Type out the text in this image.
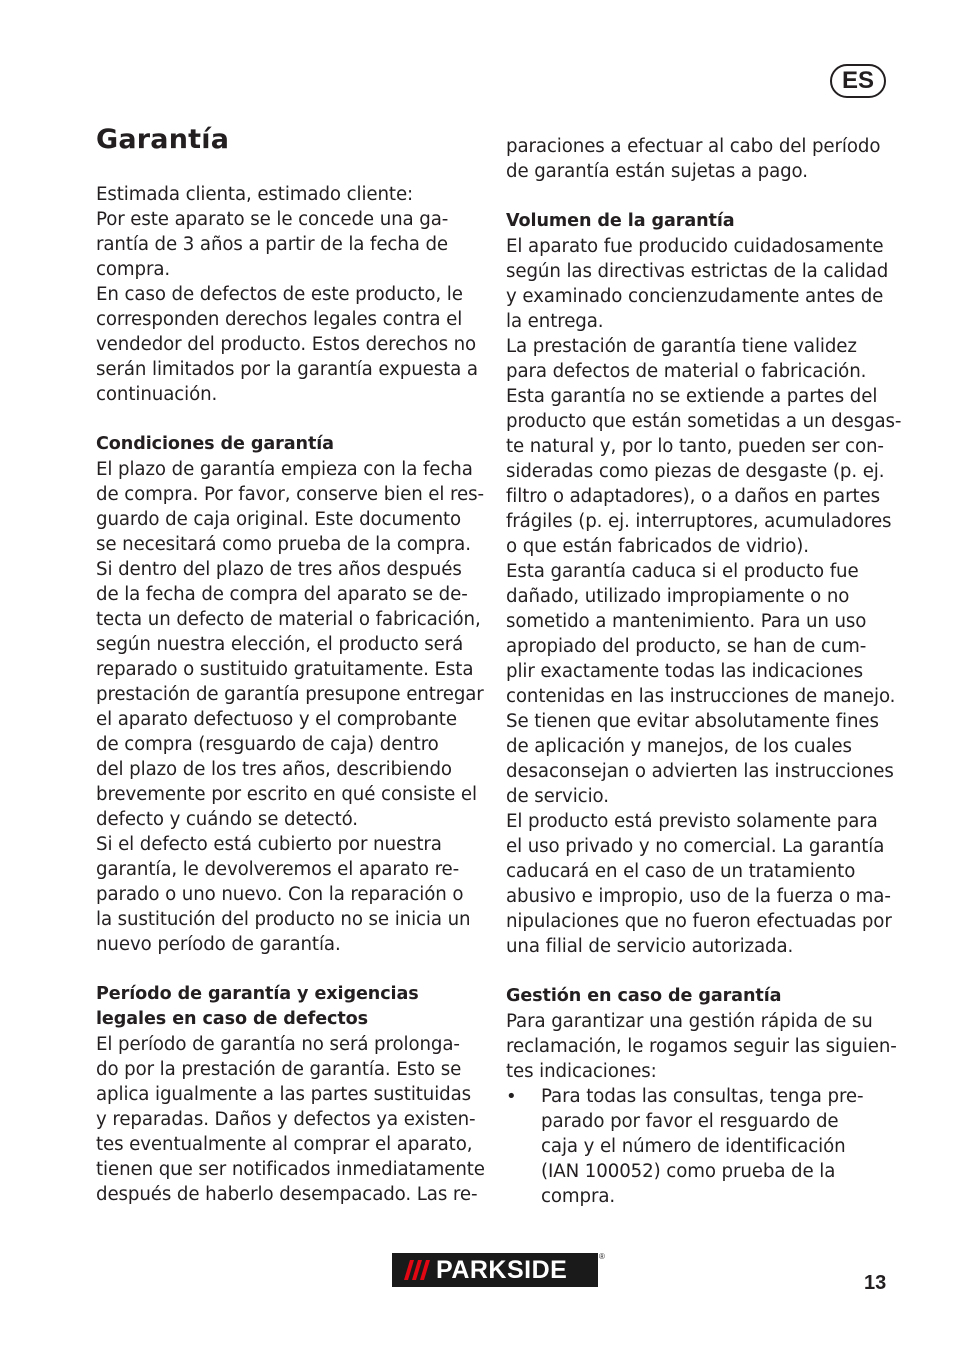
ES
Garantía
Estimada clienta, estimado cliente:
Por este aparato se le concede una ga-
rantía de 3 años a partir de la fecha de
compra.
En caso de defectos de este producto, le
corresponden derechos legales contra el
vendedor del producto. Estos derechos no
serán limitados por la garantía expuesta a
continuación.
Condiciones de garantía
El plazo de garantía empieza con la fecha
de compra. Por favor, conserve bien el res-
guardo de caja original. Este documento
se necesitará como prueba de la compra.
Si dentro del plazo de tres años después
de la fecha de compra del aparato se de-
tecta un defecto de material o fabricación,
según nuestra elección, el producto será
reparado o sustituido gratuitamente. Esta
prestación de garantía presupone entregar
el aparato defectuoso y el comprobante
de compra (resguardo de caja) dentro
del plazo de los tres años, describiendo
brevemente por escrito en qué consiste el
defecto y cuándo se detectó.
Si el defecto está cubierto por nuestra
garantía, le devolveremos el aparato re-
parado o uno nuevo. Con la reparación o
la sustitución del producto no se inicia un
nuevo período de garantía.
Período de garantía y exigencias
legales en caso de defectos
El período de garantía no será prolonga-
do por la prestación de garantía. Esto se
aplica igualmente a las partes sustituidas
y reparadas. Daños y defectos ya existen-
tes eventualmente al comprar el aparato,
tienen que ser notificados inmediatamente
después de haberlo desempacado. Las re-
paraciones a efectuar al cabo del período
de garantía están sujetas a pago.
Volumen de la garantía
El aparato fue producido cuidadosamente
según las directivas estrictas de la calidad
y examinado concienzudamente antes de
la entrega.
La prestación de garantía tiene validez
para defectos de material o fabricación.
Esta garantía no se extiende a partes del
producto que están sometidas a un desgas-
te natural y, por lo tanto, pueden ser con-
sideradas como piezas de desgaste (p. ej.
filtro o adaptadores), o a daños en partes
frágiles (p. ej. interruptores, acumuladores
o que están fabricados de vidrio).
Esta garantía caduca si el producto fue
dañado, utilizado impropiamente o no
sometido a mantenimiento. Para un uso
apropiado del producto, se han de cum-
plir exactamente todas las indicaciones
contenidas en las instrucciones de manejo.
Se tienen que evitar absolutamente fines
de aplicación y manejos, de los cuales
desaconsejan o advierten las instrucciones
de servicio.
El producto está previsto solamente para
el uso privado y no comercial. La garantía
caducará en el caso de un tratamiento
abusivo e impropio, uso de la fuerza o ma-
nipulaciones que no fueron efectuadas por
una filial de servicio autorizada.
Gestión en caso de garantía
Para garantizar una gestión rápida de su
reclamación, le rogamos seguir las siguien-
tes indicaciones:
• Para todas las consultas, tenga pre-
parado por favor el resguardo de
caja y el número de identificación
(IAN 100052) como prueba de la
compra.
PARKSIDE	®
13
